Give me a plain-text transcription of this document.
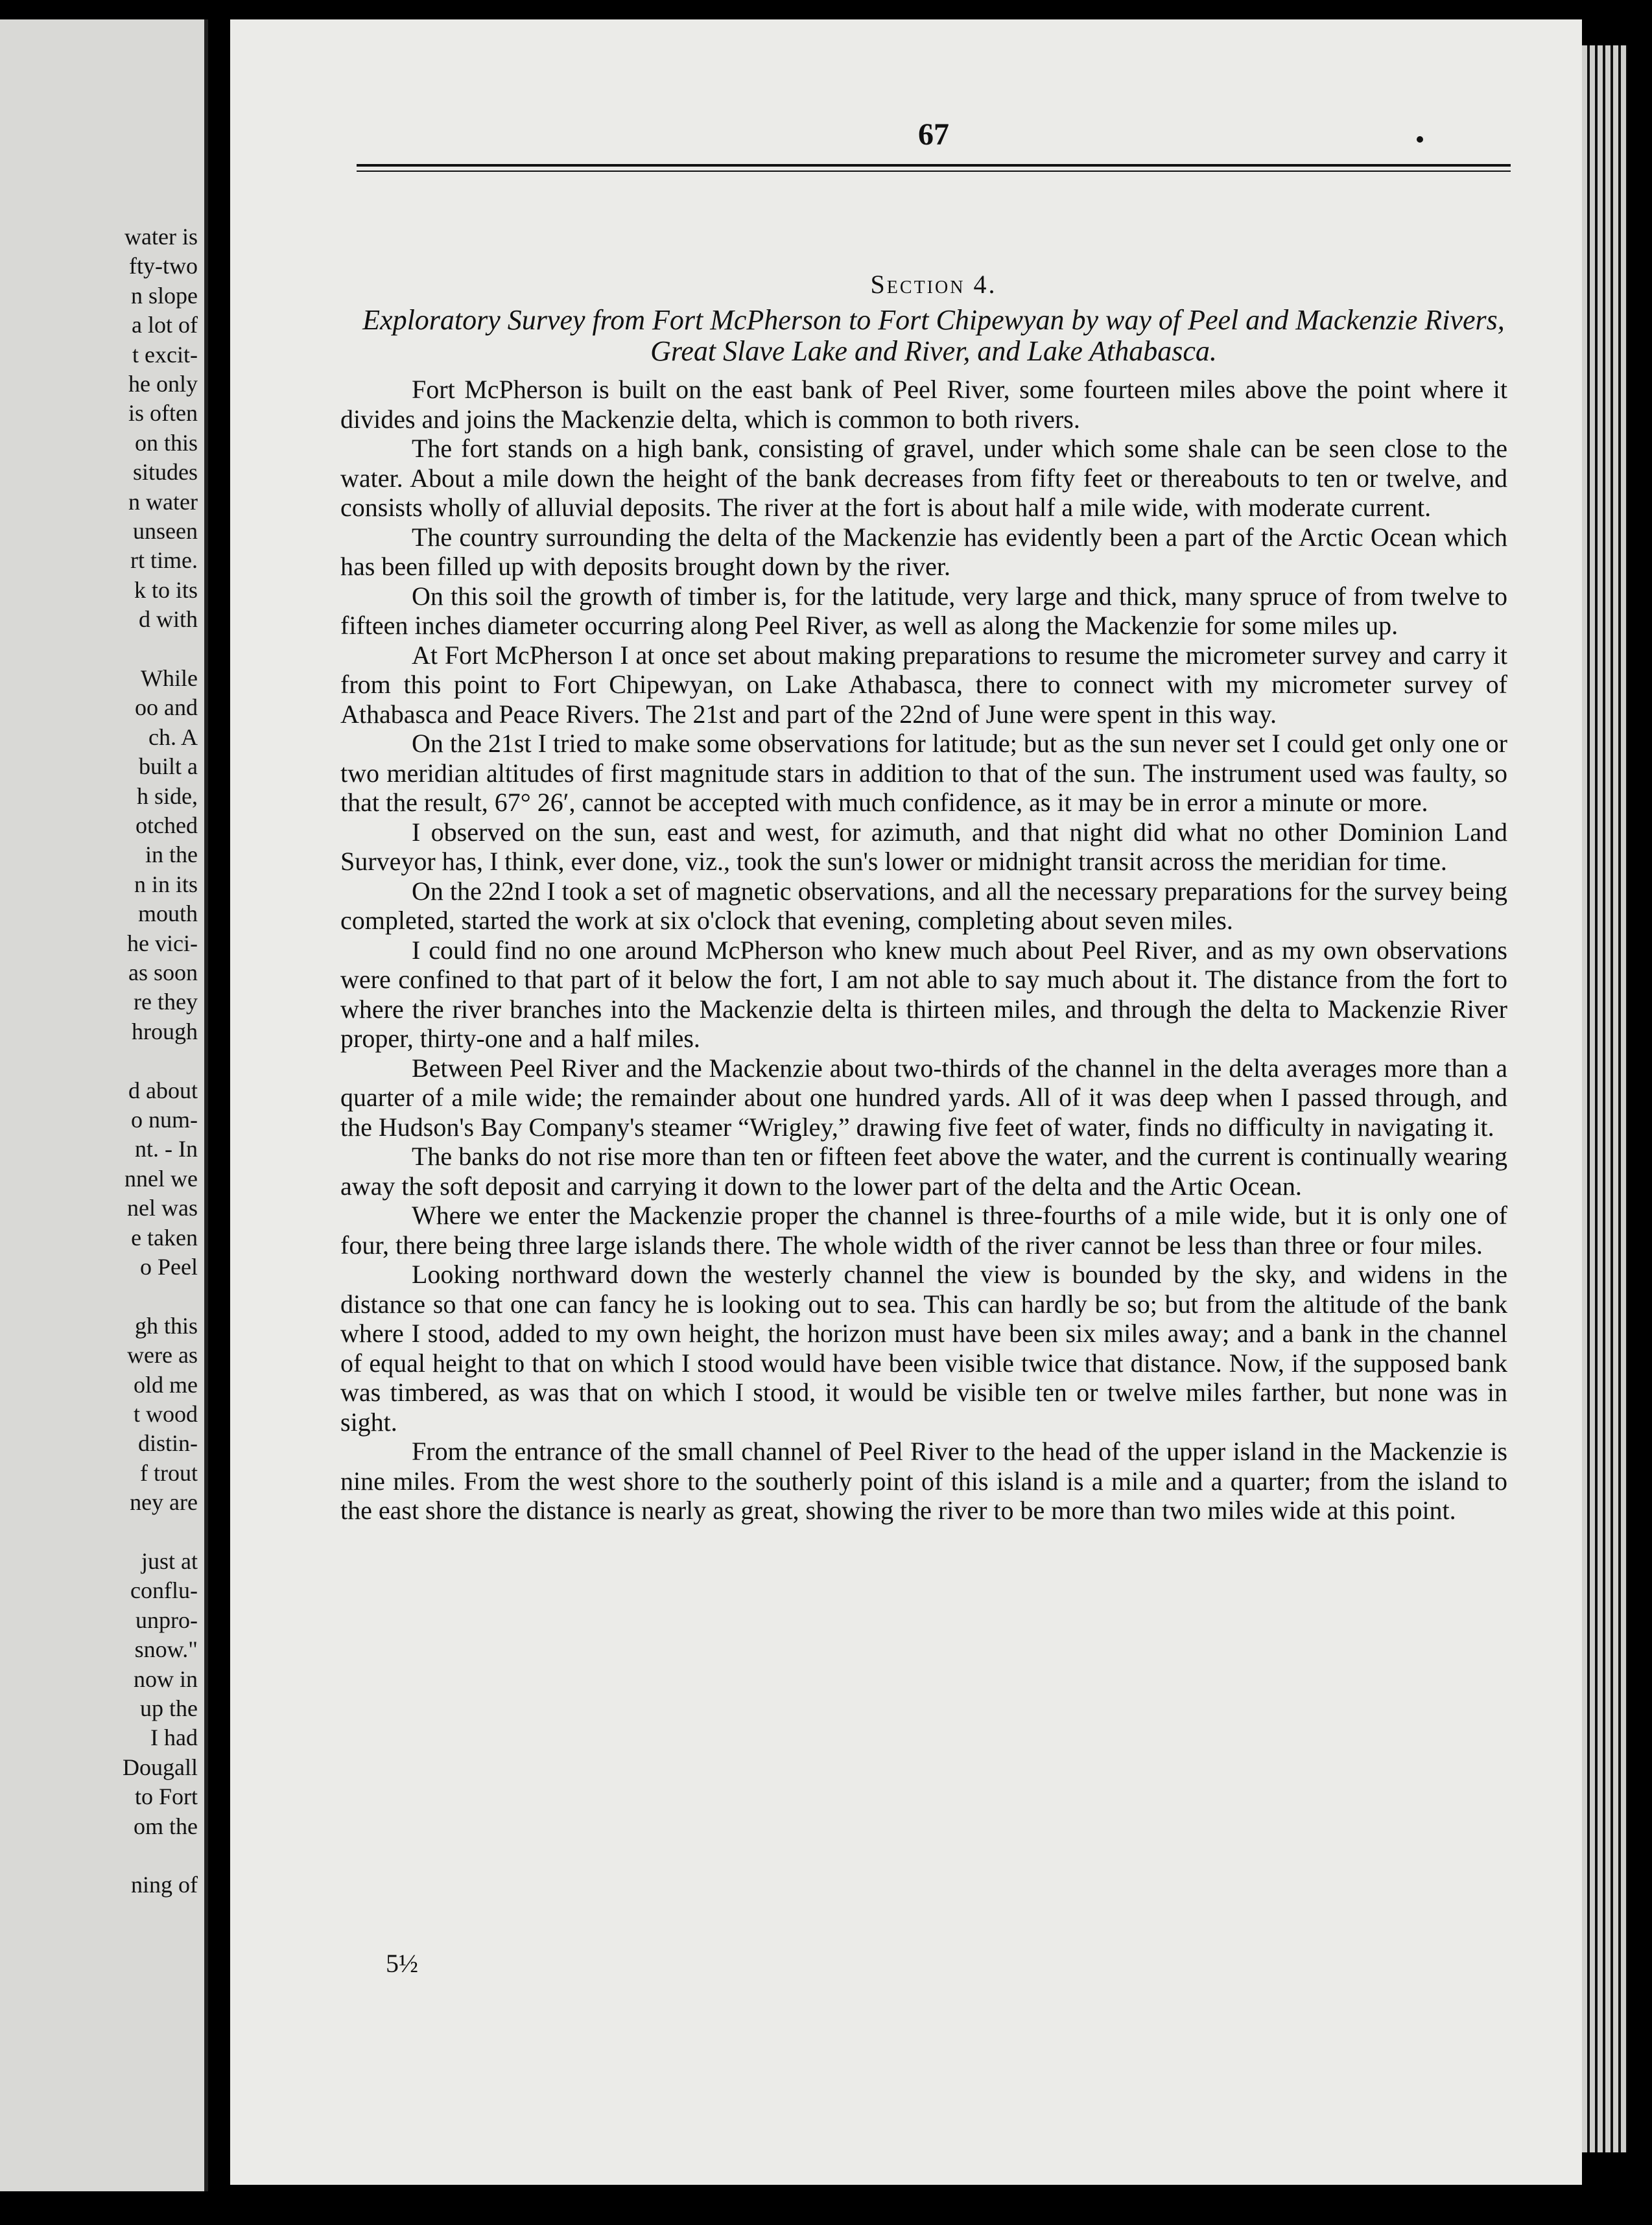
water is
fty-two
n slope
a lot of
t excit-
he only
is often
on this
situdes
n water
unseen
rt time.
k to its
d with
While
oo and
ch. A
built a
h side,
otched
in the
n in its
mouth
he vici-
as soon
re they
hrough
d about
o num-
nt. - In
nnel we
nel was
e taken
o Peel
gh this
were as
old me
t wood
distin-
f trout
ney are
just at
conflu-
unpro-
snow."
now in
up the
I had
Dougall
to Fort
om the
ning of
67
Section 4.
Exploratory Survey from Fort McPherson to Fort Chipewyan by way of Peel and Mackenzie Rivers, Great Slave Lake and River, and Lake Athabasca.

Fort McPherson is built on the east bank of Peel River, some fourteen miles above the point where it divides and joins the Mackenzie delta, which is common to both rivers.

The fort stands on a high bank, consisting of gravel, under which some shale can be seen close to the water. About a mile down the height of the bank decreases from fifty feet or thereabouts to ten or twelve, and consists wholly of alluvial deposits. The river at the fort is about half a mile wide, with moderate current.

The country surrounding the delta of the Mackenzie has evidently been a part of the Arctic Ocean which has been filled up with deposits brought down by the river.

On this soil the growth of timber is, for the latitude, very large and thick, many spruce of from twelve to fifteen inches diameter occurring along Peel River, as well as along the Mackenzie for some miles up.

At Fort McPherson I at once set about making preparations to resume the micrometer survey and carry it from this point to Fort Chipewyan, on Lake Athabasca, there to connect with my micrometer survey of Athabasca and Peace Rivers. The 21st and part of the 22nd of June were spent in this way.

On the 21st I tried to make some observations for latitude; but as the sun never set I could get only one or two meridian altitudes of first magnitude stars in addition to that of the sun. The instrument used was faulty, so that the result, 67° 26′, cannot be accepted with much confidence, as it may be in error a minute or more.

I observed on the sun, east and west, for azimuth, and that night did what no other Dominion Land Surveyor has, I think, ever done, viz., took the sun's lower or midnight transit across the meridian for time.

On the 22nd I took a set of magnetic observations, and all the necessary preparations for the survey being completed, started the work at six o'clock that evening, completing about seven miles.

I could find no one around McPherson who knew much about Peel River, and as my own observations were confined to that part of it below the fort, I am not able to say much about it. The distance from the fort to where the river branches into the Mackenzie delta is thirteen miles, and through the delta to Mackenzie River proper, thirty-one and a half miles.

Between Peel River and the Mackenzie about two-thirds of the channel in the delta averages more than a quarter of a mile wide; the remainder about one hundred yards. All of it was deep when I passed through, and the Hudson's Bay Company's steamer “Wrigley,” drawing five feet of water, finds no difficulty in navigating it.

The banks do not rise more than ten or fifteen feet above the water, and the current is continually wearing away the soft deposit and carrying it down to the lower part of the delta and the Artic Ocean.

Where we enter the Mackenzie proper the channel is three-fourths of a mile wide, but it is only one of four, there being three large islands there. The whole width of the river cannot be less than three or four miles.

Looking northward down the westerly channel the view is bounded by the sky, and widens in the distance so that one can fancy he is looking out to sea. This can hardly be so; but from the altitude of the bank where I stood, added to my own height, the horizon must have been six miles away; and a bank in the channel of equal height to that on which I stood would have been visible twice that distance. Now, if the supposed bank was timbered, as was that on which I stood, it would be visible ten or twelve miles farther, but none was in sight.

From the entrance of the small channel of Peel River to the head of the upper island in the Mackenzie is nine miles. From the west shore to the southerly point of this island is a mile and a quarter; from the island to the east shore the distance is nearly as great, showing the river to be more than two miles wide at this point.

5½
